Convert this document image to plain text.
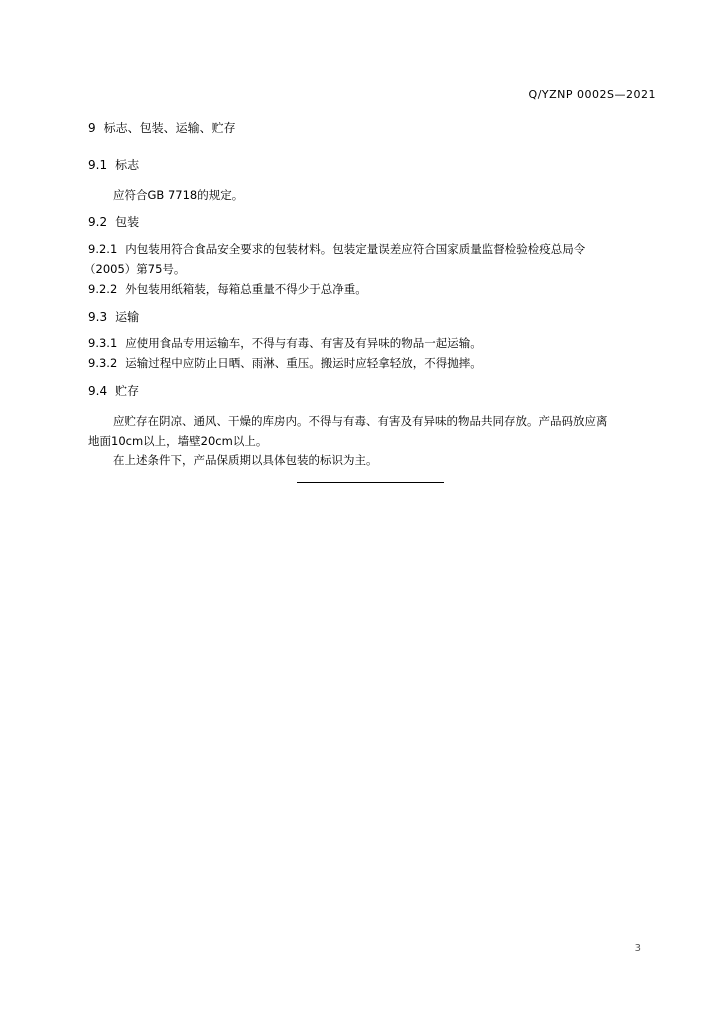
Q/YZNP 0002S—2021
9 标志、包装、运输、贮存
9.1 标志
应符合GB 7718的规定。
9.2 包装
9.2.1 内包装用符合食品安全要求的包装材料。包装定量误差应符合国家质量监督检验检疫总局令
（2005）第75号。
9.2.2 外包装用纸箱装，每箱总重量不得少于总净重。
9.3 运输
9.3.1 应使用食品专用运输车，不得与有毒、有害及有异味的物品一起运输。
9.3.2 运输过程中应防止日晒、雨淋、重压。搬运时应轻拿轻放，不得抛摔。
9.4 贮存
应贮存在阴凉、通风、干燥的库房内。不得与有毒、有害及有异味的物品共同存放。产品码放应离
地面10cm以上，墙壁20cm以上。
在上述条件下，产品保质期以具体包装的标识为主。
3
